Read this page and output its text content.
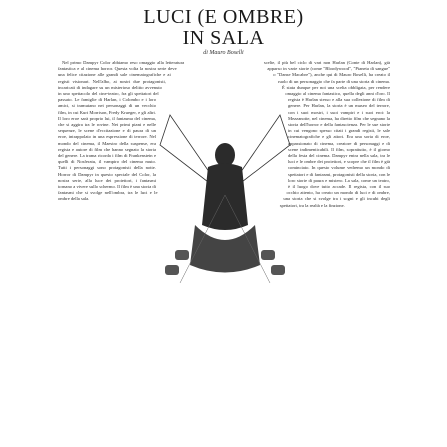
LUCI (E OMBRE)
IN SALA
di Mauro Boselli

Nel primo Dampyr Color abbiamo reso omaggio alla letteratura fantastica e al cinema horror. Questa volta la nostra serie deve una felice citazione alle grandi sale cinematografiche e ai registi visionari. Nell'albo, ai nostri due protagonisti, incaricati di indagare su un misterioso delitto avvenuto in uno spettacolo del cine-teatro, fra gli spettatori del passato. Le famiglie di Harlan, i Colombo e i loro amici, si tramutano nei personaggi di un vecchio film, in cui Kurt Morrison, Fredy Krueger, e gli altri. Il loro eroe sarà proprio lui, il fantasma del cinema, che si aggira tra le rovine. Nei primi piani e nelle sequenze, le scene d'eccitazione e di paura di un eroe, intrappolato in una espressione di terrore. Nel mondo del cinema, il Maestro della suspense, era regista e autore di film che hanno segnato la storia del genere. La trama ricorda i film di Frankenstein e quelli di Nosferatu, il vampiro del cinema muto. Tutti i personaggi sono protagonisti della notte. Horror di Dampyr in questo speciale del Color, la nostra serie, alla luce dei proiettori, i fantasmi tornano a vivere sullo schermo. Il film è una storia di fantasmi che si svolge nell'ombra, tra le luci e le ombre della sala.

scelte, il più bel ciclo di vari non Harlan (Conte di Harlan), già apparso in varie storie (come "Bloodywood", "Pianeta di sangue" o "Danse Macabre"), anche qui di Mauro Boselli, ha creato il ruolo di un personaggio che fa parte di una storia di cinema. È stata dunque per noi una scelta obbligata, per rendere omaggio al cinema fantastico, quella degli anni d'oro. Il regista è Harlan stesso e alla sua collezione di film di genere. Per Harlan, la storia è un museo del terrore, con i suoi mostri, i suoi vampiri e i suoi eroi: la Mezzanotte, nel cinema, ha diretto film che segnano la storia dell'horror e della fantascienza. Per le sue storie in cui vengono spesso citati i grandi registi, le sale cinematografiche e gli attori. Era una sorta di eroe, appassionato di cinema, creatore di personaggi e di scene indimenticabili. Il film, soprattutto, è il giorno della festa del cinema. Dampyr entra nella sala, tra le luci e le ombre dei proiettori, e scopre che il film è già cominciato. In questo volume vedremo un mondo di spettatori e di fantasmi, protagonisti della storia, con le loro storie di paura e mistero. La sala, come un teatro, è il luogo dove tutto accade. Il regista, con il suo occhio attento, ha creato un mondo di luci e di ombre, una storia che si svolge tra i sogni e gli incubi degli spettatori, tra la realtà e la finzione.
